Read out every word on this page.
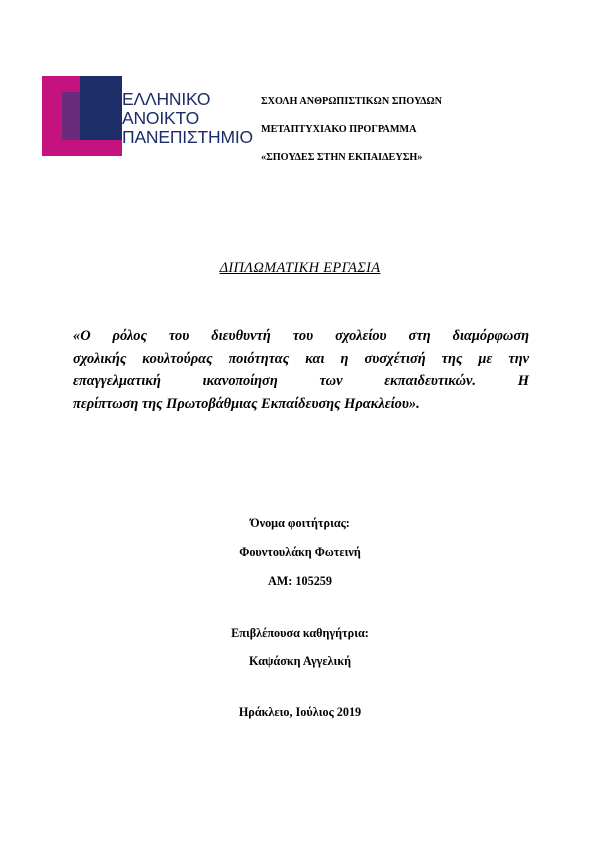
ΕΛΛΗΝΙΚΟ
ΑΝΟΙΚΤΟ
ΠΑΝΕΠΙΣΤΗΜΙΟ
ΣΧΟΛΗ ΑΝΘΡΩΠΙΣΤΙΚΩΝ ΣΠΟΥΔΩΝ
ΜΕΤΑΠΤΥΧΙΑΚΟ ΠΡΟΓΡΑΜΜΑ
«ΣΠΟΥΔΕΣ ΣΤΗΝ ΕΚΠΑΙΔΕΥΣΗ»
ΔΙΠΛΩΜΑΤΙΚΗ ΕΡΓΑΣΙΑ
«Ο ρόλος του διευθυντή του σχολείου στη διαμόρφωση
σχολικής κουλτούρας ποιότητας και η συσχέτισή της με την
επαγγελματική ικανοποίηση των εκπαιδευτικών. Η
περίπτωση της Πρωτοβάθμιας Εκπαίδευσης Ηρακλείου».
Όνομα φοιτήτριας:
Φουντουλάκη Φωτεινή
ΑΜ: 105259
Επιβλέπουσα καθηγήτρια:
Καψάσκη Αγγελική
Ηράκλειο, Ιούλιος 2019
